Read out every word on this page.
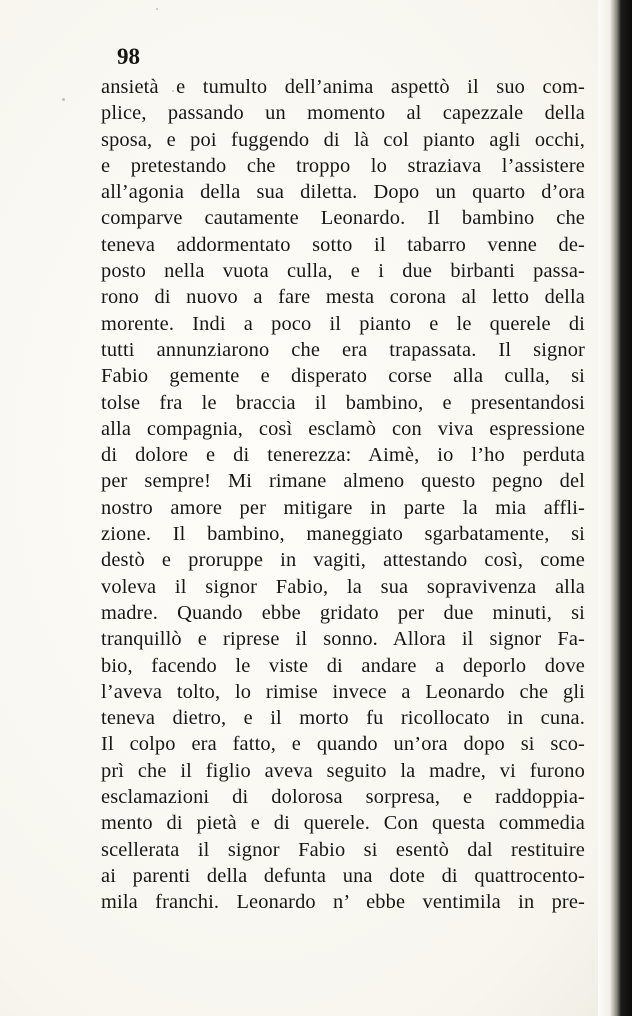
98

ansietà e tumulto dell’anima aspettò il suo com-
plice, passando un momento al capezzale della
sposa, e poi fuggendo di là col pianto agli occhi,
e pretestando che troppo lo straziava l’assistere
all’agonia della sua diletta. Dopo un quarto d’ora
comparve cautamente Leonardo. Il bambino che
teneva addormentato sotto il tabarro venne de-
posto nella vuota culla, e i due birbanti passa-
rono di nuovo a fare mesta corona al letto della
morente. Indi a poco il pianto e le querele di
tutti annunziarono che era trapassata. Il signor
Fabio gemente e disperato corse alla culla, si
tolse fra le braccia il bambino, e presentandosi
alla compagnia, così esclamò con viva espressione
di dolore e di tenerezza: Aimè, io l’ho perduta
per sempre! Mi rimane almeno questo pegno del
nostro amore per mitigare in parte la mia affli-
zione. Il bambino, maneggiato sgarbatamente, si
destò e proruppe in vagiti, attestando così, come
voleva il signor Fabio, la sua sopravivenza alla
madre. Quando ebbe gridato per due minuti, si
tranquillò e riprese il sonno. Allora il signor Fa-
bio, facendo le viste di andare a deporlo dove
l’aveva tolto, lo rimise invece a Leonardo che gli
teneva dietro, e il morto fu ricollocato in cuna.
Il colpo era fatto, e quando un’ora dopo si sco-
prì che il figlio aveva seguito la madre, vi furono
esclamazioni di dolorosa sorpresa, e raddoppia-
mento di pietà e di querele. Con questa commedia
scellerata il signor Fabio si esentò dal restituire
ai parenti della defunta una dote di quattrocento-
mila franchi. Leonardo n’ ebbe ventimila in pre-
